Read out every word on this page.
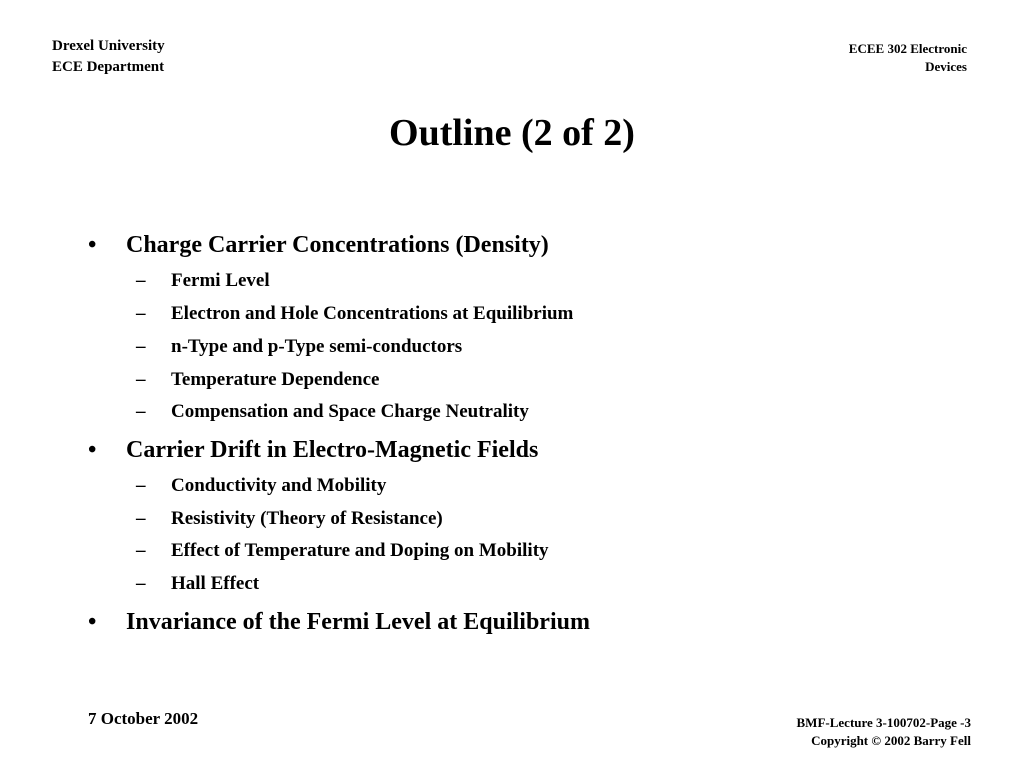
Drexel University
ECE Department
ECEE 302 Electronic
Devices
Outline (2 of 2)
• Charge Carrier Concentrations (Density)
– Fermi Level
– Electron and Hole Concentrations at Equilibrium
– n-Type and p-Type semi-conductors
– Temperature Dependence
– Compensation and Space Charge Neutrality
• Carrier Drift in Electro-Magnetic Fields
– Conductivity and Mobility
– Resistivity (Theory of Resistance)
– Effect of Temperature and Doping on Mobility
– Hall Effect
• Invariance of the Fermi Level at Equilibrium
7 October 2002	BMF-Lecture 3-100702-Page -3
Copyright © 2002 Barry Fell
